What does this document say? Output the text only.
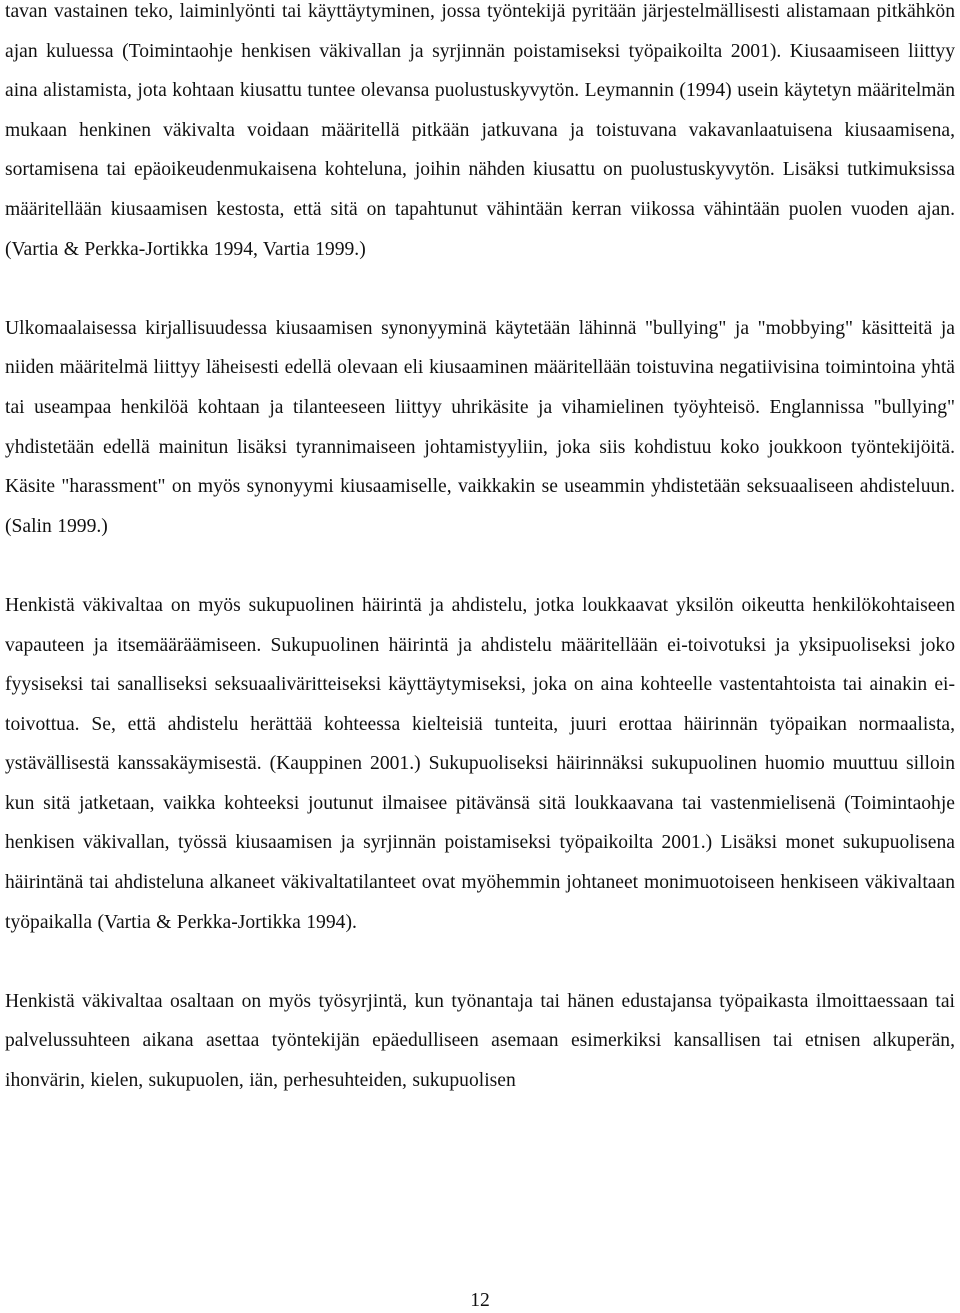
tavan vastainen teko, laiminlyönti tai käyttäytyminen, jossa työntekijä pyritään järjestelmällisesti alistamaan pitkähkön ajan kuluessa (Toimintaohje henkisen väkivallan ja syrjinnän poistamiseksi työpaikoilta 2001). Kiusaamiseen liittyy aina alistamista, jota kohtaan kiusattu tuntee olevansa puolustuskyvytön. Leymannin (1994) usein käytetyn määritelmän mukaan henkinen väkivalta voidaan määritellä pitkään jatkuvana ja toistuvana vakavanlaatuisena kiusaamisena, sortamisena tai epäoikeudenmukaisena kohteluna, joihin nähden kiusattu on puolustuskyvytön. Lisäksi tutkimuksissa määritellään kiusaamisen kestosta, että sitä on tapahtunut vähintään kerran viikossa vähintään puolen vuoden ajan. (Vartia & Perkka-Jortikka 1994, Vartia 1999.)

Ulkomaalaisessa kirjallisuudessa kiusaamisen synonyyminä käytetään lähinnä "bullying" ja "mobbying" käsitteitä ja niiden määritelmä liittyy läheisesti edellä olevaan eli kiusaaminen määritellään toistuvina negatiivisina toimintoina yhtä tai useampaa henkilöä kohtaan ja tilanteeseen liittyy uhrikäsite ja vihamielinen työyhteisö. Englannissa "bullying" yhdistetään edellä mainitun lisäksi tyrannimaiseen johtamistyyliin, joka siis kohdistuu koko joukkoon työntekijöitä. Käsite "harassment" on myös synonyymi kiusaamiselle, vaikkakin se useammin yhdistetään seksuaaliseen ahdisteluun. (Salin 1999.)

Henkistä väkivaltaa on myös sukupuolinen häirintä ja ahdistelu, jotka loukkaavat yksilön oikeutta henkilökohtaiseen vapauteen ja itsemääräämiseen. Sukupuolinen häirintä ja ahdistelu määritellään ei-toivotuksi ja yksipuoliseksi joko fyysiseksi tai sanalliseksi seksuaaliväritteiseksi käyttäytymiseksi, joka on aina kohteelle vastentahtoista tai ainakin ei-toivottua. Se, että ahdistelu herättää kohteessa kielteisiä tunteita, juuri erottaa häirinnän työpaikan normaalista, ystävällisestä kanssakäymisestä. (Kauppinen 2001.) Sukupuoliseksi häirinnäksi sukupuolinen huomio muuttuu silloin kun sitä jatketaan, vaikka kohteeksi joutunut ilmaisee pitävänsä sitä loukkaavana tai vastenmielisenä (Toimintaohje henkisen väkivallan, työssä kiusaamisen ja syrjinnän poistamiseksi työpaikoilta 2001.) Lisäksi monet sukupuolisena häirintänä tai ahdisteluna alkaneet väkivaltatilanteet ovat myöhemmin johtaneet monimuotoiseen henkiseen väkivaltaan työpaikalla (Vartia & Perkka-Jortikka 1994).

Henkistä väkivaltaa osaltaan on myös työsyrjintä, kun työnantaja tai hänen edustajansa työpaikasta ilmoittaessaan tai palvelussuhteen aikana asettaa työntekijän epäedulliseen asemaan esimerkiksi kansallisen tai etnisen alkuperän, ihonvärin, kielen, sukupuolen, iän, perhesuhteiden, sukupuolisen

12
